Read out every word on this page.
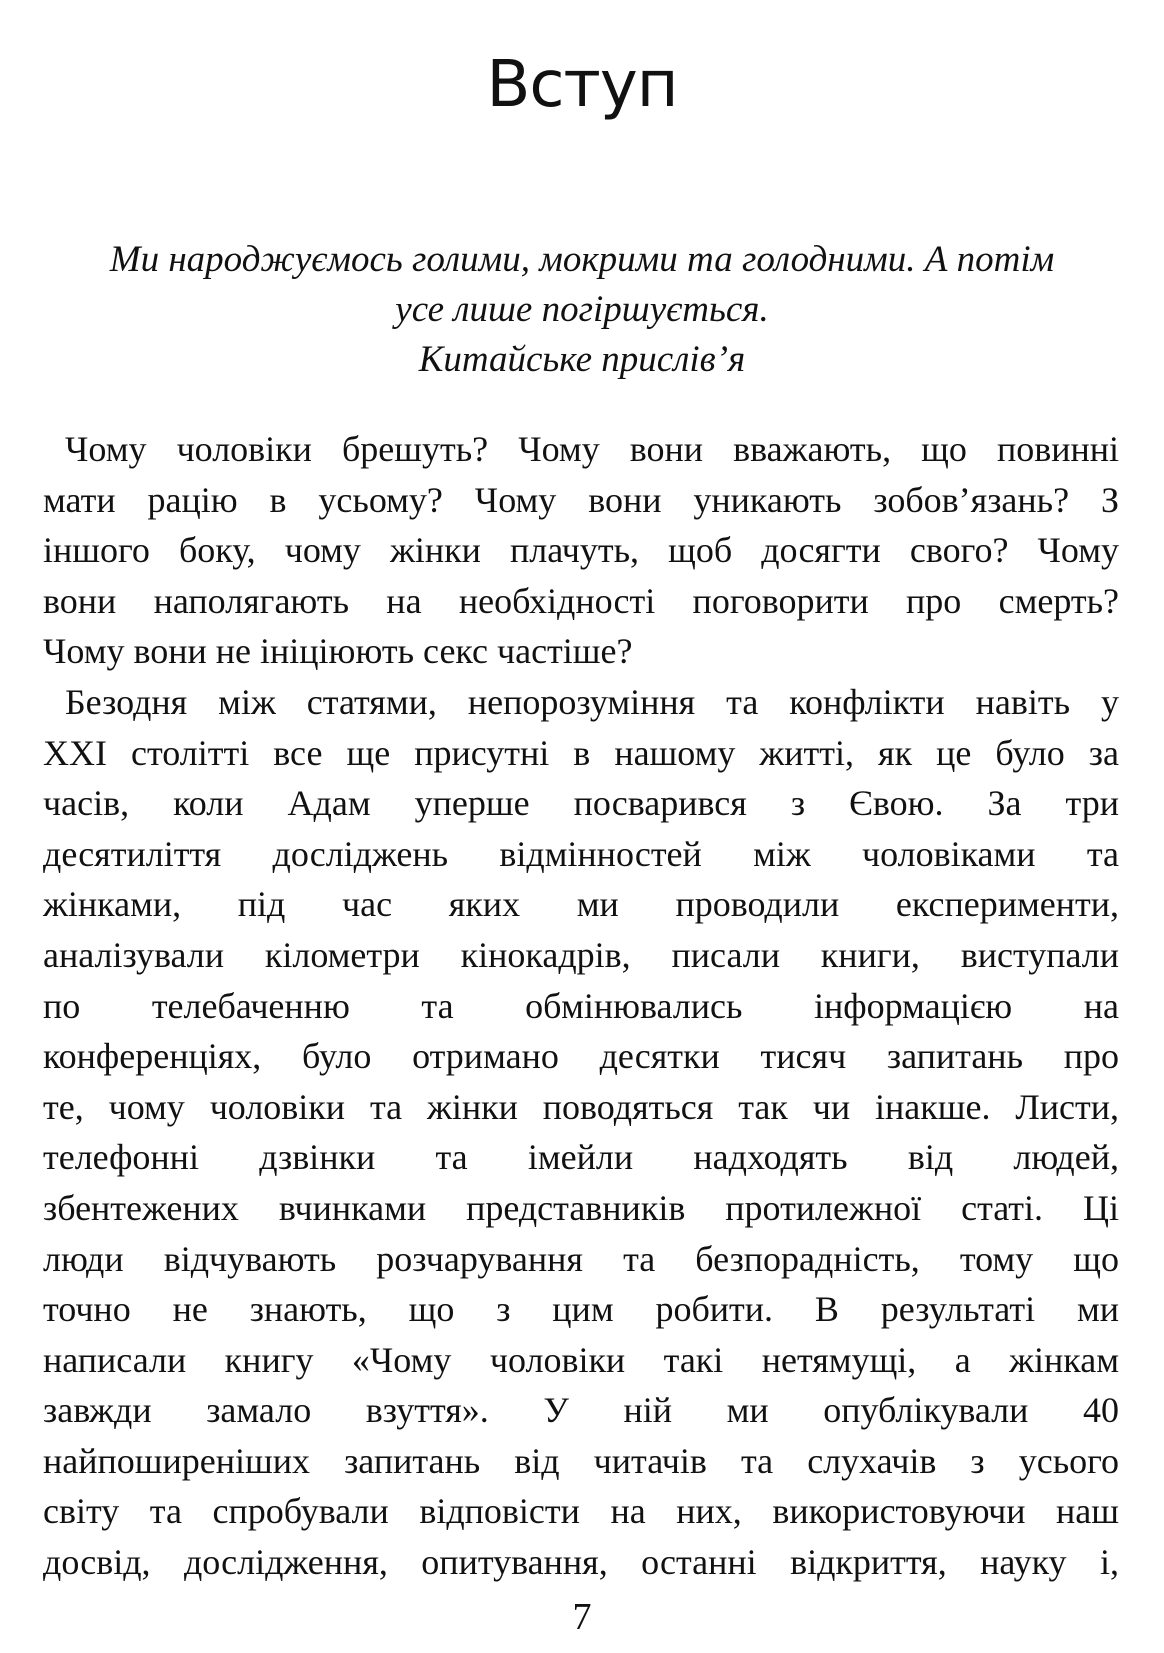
Вступ
Ми народжуємось голими, мокрими та голодними. А потім
усе лише погіршується.
Китайське прислів’я
Чому чоловіки брешуть? Чому вони вважають, що повинні
мати рацію в усьому? Чому вони уникають зобов’язань? З
іншого боку, чому жінки плачуть, щоб досягти свого? Чому
вони наполягають на необхідності поговорити про смерть?
Чому вони не ініціюють секс частіше?
Безодня між статями, непорозуміння та конфлікти навіть у
XXI столітті все ще присутні в нашому житті, як це було за
часів, коли Адам уперше посварився з Євою. За три
десятиліття досліджень відмінностей між чоловіками та
жінками, під час яких ми проводили експерименти,
аналізували кілометри кінокадрів, писали книги, виступали
по телебаченню та обмінювались інформацією на
конференціях, було отримано десятки тисяч запитань про
те, чому чоловіки та жінки поводяться так чи інакше. Листи,
телефонні дзвінки та імейли надходять від людей,
збентежених вчинками представників протилежної статі. Ці
люди відчувають розчарування та безпорадність, тому що
точно не знають, що з цим робити. В результаті ми
написали книгу «Чому чоловіки такі нетямущі, а жінкам
завжди замало взуття». У ній ми опублікували 40
найпоширеніших запитань від читачів та слухачів з усього
світу та спробували відповісти на них, використовуючи наш
досвід, дослідження, опитування, останні відкриття, науку і,
7
